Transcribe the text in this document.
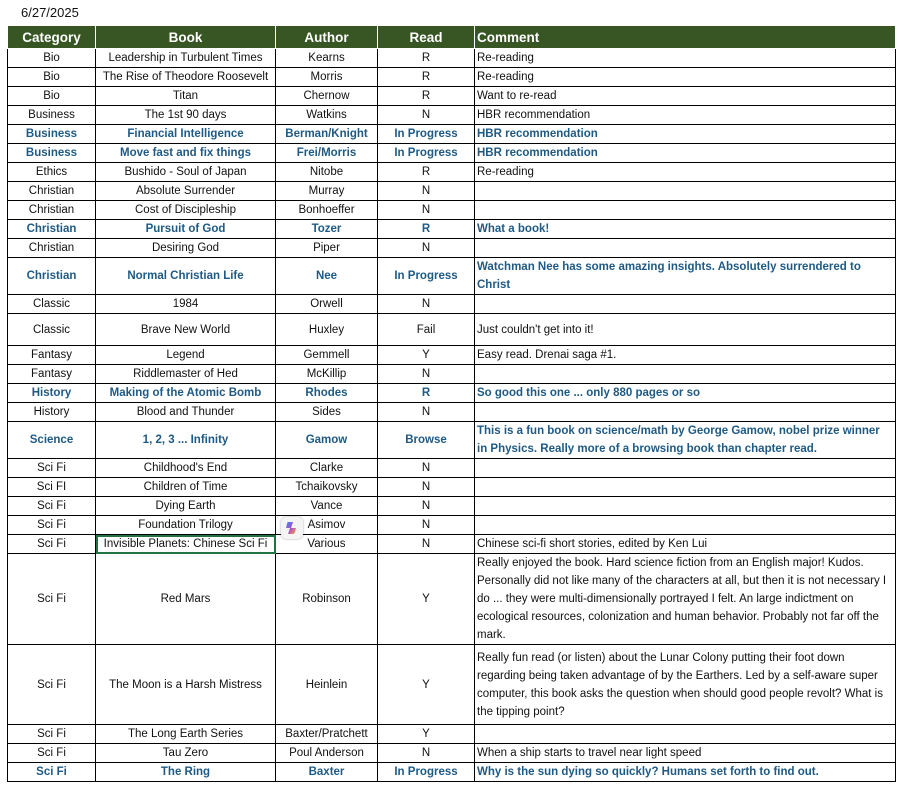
6/27/2025
Category	Book	Author	Read	Comment
Bio	Leadership in Turbulent Times	Kearns	R	Re-reading
Bio	The Rise of Theodore Roosevelt	Morris	R	Re-reading
Bio	Titan	Chernow	R	Want to re-read
Business	The 1st 90 days	Watkins	N	HBR recommendation
Business	Financial Intelligence	Berman/Knight	In Progress	HBR recommendation
Business	Move fast and fix things	Frei/Morris	In Progress	HBR recommendation
Ethics	Bushido - Soul of Japan	Nitobe	R	Re-reading
Christian	Absolute Surrender	Murray	N	
Christian	Cost of Discipleship	Bonhoeffer	N	
Christian	Pursuit of God	Tozer	R	What a book!
Christian	Desiring God	Piper	N	
Christian	Normal Christian Life	Nee	In Progress	Watchman Nee has some amazing insights. Absolutely surrendered to Christ
Classic	1984	Orwell	N	
Classic	Brave New World	Huxley	Fail	Just couldn't get into it!
Fantasy	Legend	Gemmell	Y	Easy read. Drenai saga #1.
Fantasy	Riddlemaster of Hed	McKillip	N	
History	Making of the Atomic Bomb	Rhodes	R	So good this one ... only 880 pages or so
History	Blood and Thunder	Sides	N	
Science	1, 2, 3 ... Infinity	Gamow	Browse	This is a fun book on science/math by George Gamow, nobel prize winner in Physics. Really more of a browsing book than chapter read.
Sci Fi	Childhood's End	Clarke	N	
Sci FI	Children of Time	Tchaikovsky	N	
Sci Fi	Dying Earth	Vance	N	
Sci Fi	Foundation Trilogy	Asimov	N	
Sci Fi	Invisible Planets: Chinese Sci Fi	Various	N	Chinese sci-fi short stories, edited by Ken Lui
Sci Fi	Red Mars	Robinson	Y	Really enjoyed the book. Hard science fiction from an English major! Kudos. Personally did not like many of the characters at all, but then it is not necessary I do ... they were multi-dimensionally portrayed I felt. An large indictment on ecological resources, colonization and human behavior. Probably not far off the mark.
Sci Fi	The Moon is a Harsh Mistress	Heinlein	Y	Really fun read (or listen) about the Lunar Colony putting their foot down regarding being taken advantage of by the Earthers. Led by a self-aware super computer, this book asks the question when should good people revolt? What is the tipping point?
Sci Fi	The Long Earth Series	Baxter/Pratchett	Y	
Sci Fi	Tau Zero	Poul Anderson	N	When a ship starts to travel near light speed
Sci Fi	The Ring	Baxter	In Progress	Why is the sun dying so quickly? Humans set forth to find out.
